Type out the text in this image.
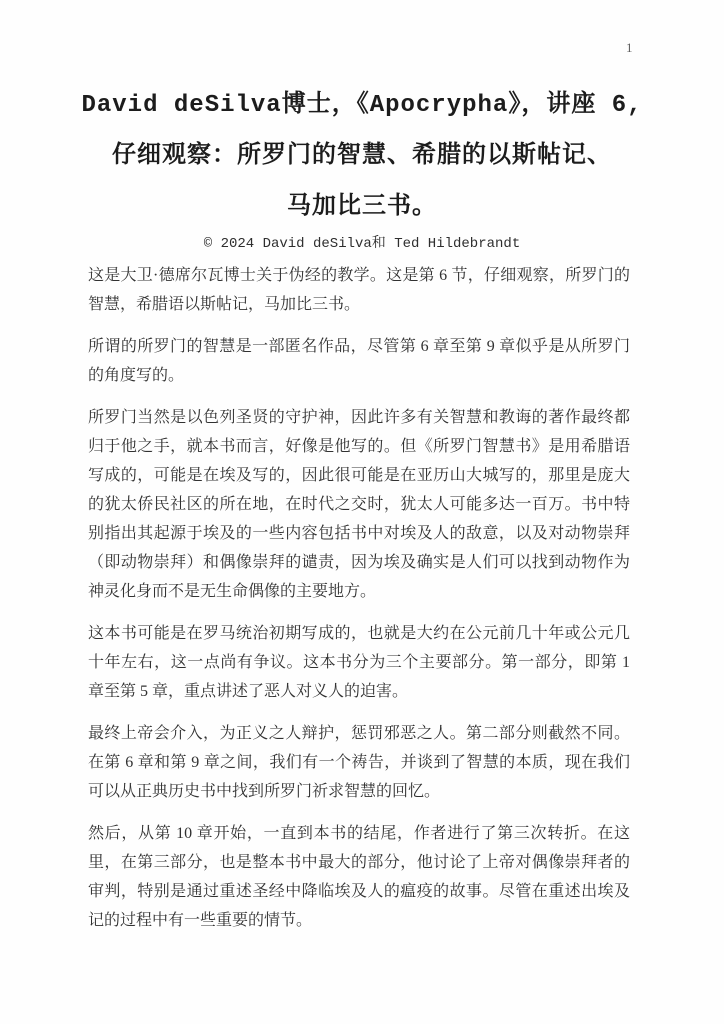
1
David deSilva博士，《Apocrypha》，讲座 6,
仔细观察：所罗门的智慧、希腊的以斯帖记、
马加比三书。
© 2024 David deSilva和 Ted Hildebrandt

这是大卫·德席尔瓦博士关于伪经的教学。这是第 6 节，仔细观察，所罗门的智慧，希腊语以斯帖记，马加比三书。

所谓的所罗门的智慧是一部匿名作品，尽管第 6 章至第 9 章似乎是从所罗门的角度写的。

所罗门当然是以色列圣贤的守护神，因此许多有关智慧和教诲的著作最终都归于他之手，就本书而言，好像是他写的。但《所罗门智慧书》是用希腊语写成的，可能是在埃及写的，因此很可能是在亚历山大城写的，那里是庞大的犹太侨民社区的所在地，在时代之交时，犹太人可能多达一百万。书中特别指出其起源于埃及的一些内容包括书中对埃及人的敌意，以及对动物崇拜（即动物崇拜）和偶像崇拜的谴责，因为埃及确实是人们可以找到动物作为神灵化身而不是无生命偶像的主要地方。

这本书可能是在罗马统治初期写成的，也就是大约在公元前几十年或公元几十年左右，这一点尚有争议。这本书分为三个主要部分。第一部分，即第 1 章至第 5 章，重点讲述了恶人对义人的迫害。

最终上帝会介入，为正义之人辩护，惩罚邪恶之人。第二部分则截然不同。在第 6 章和第 9 章之间，我们有一个祷告，并谈到了智慧的本质，现在我们可以从正典历史书中找到所罗门祈求智慧的回忆。

然后，从第 10 章开始，一直到本书的结尾，作者进行了第三次转折。在这里，在第三部分，也是整本书中最大的部分，他讨论了上帝对偶像崇拜者的审判，特别是通过重述圣经中降临埃及人的瘟疫的故事。尽管在重述出埃及记的过程中有一些重要的情节。
